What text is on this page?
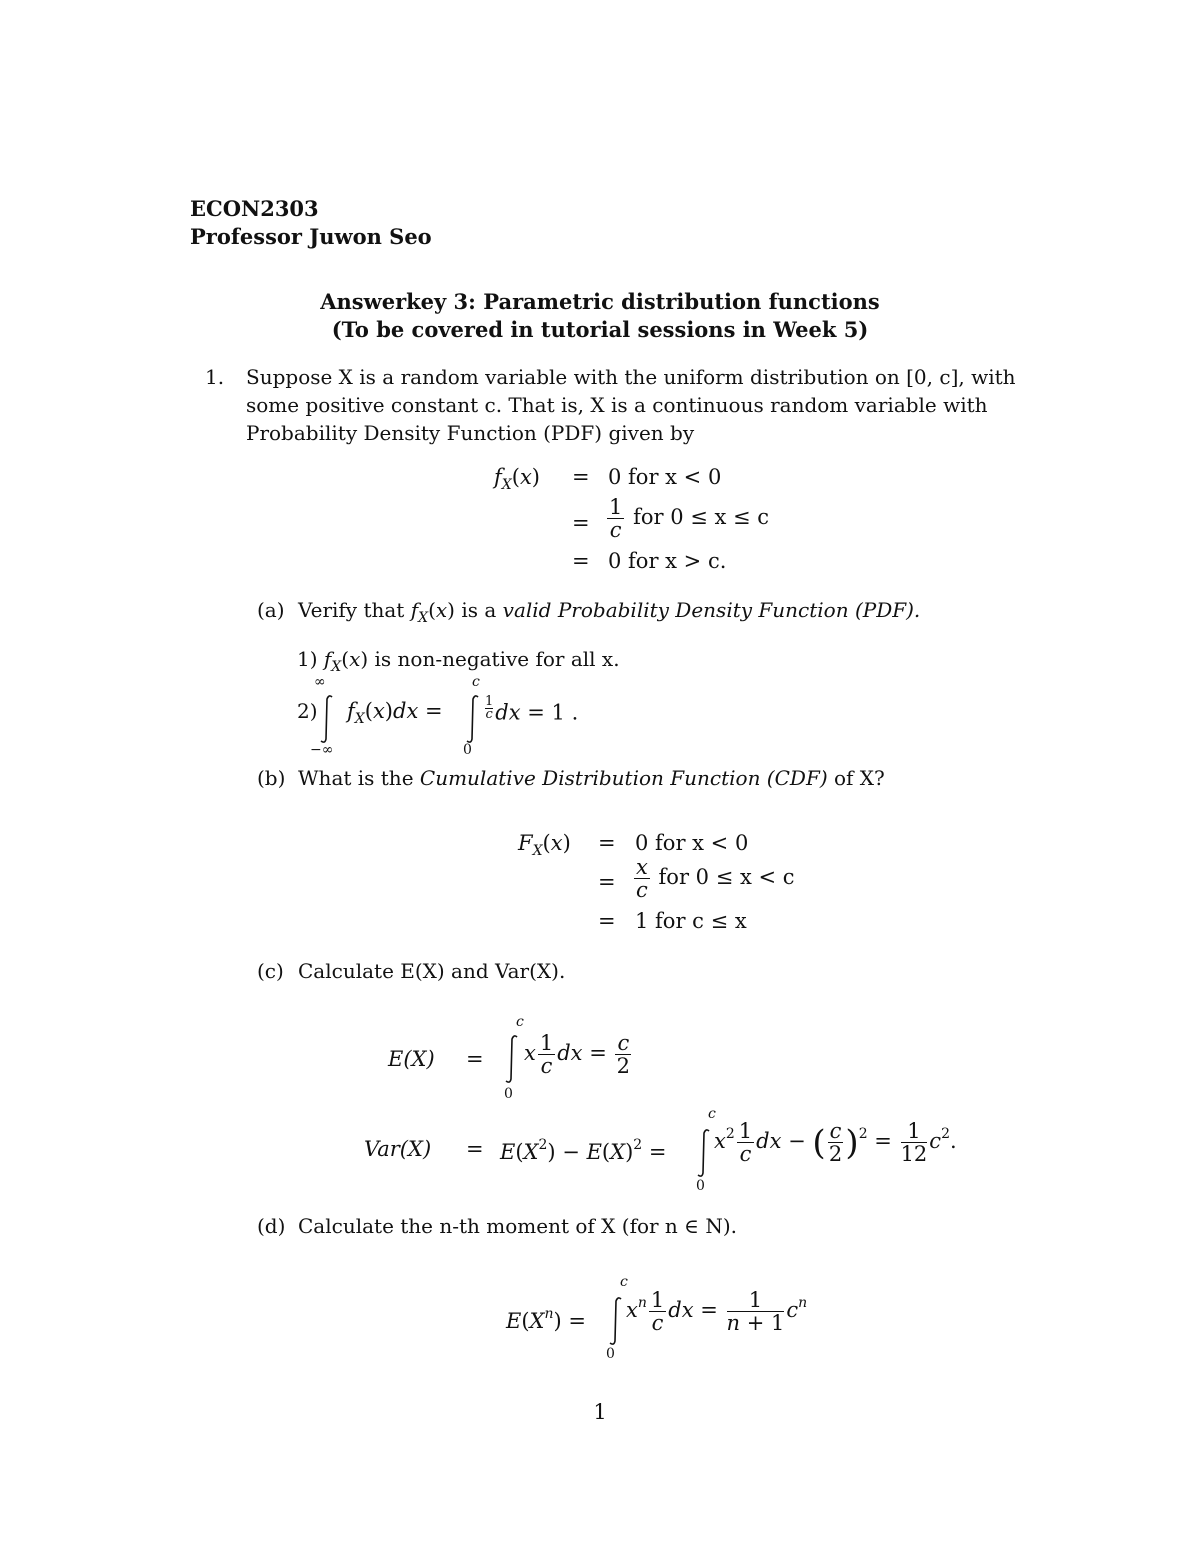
ECON2303
Professor Juwon Seo
Answerkey 3: Parametric distribution functions
(To be covered in tutorial sessions in Week 5)
1. Suppose X is a random variable with the uniform distribution on [0, c], with
some positive constant c. That is, X is a continuous random variable with
Probability Density Function (PDF) given by
$f_X(x) = 0$ for x < 0
= $\frac{1}{c}$ for 0 ≤ x ≤ c
= 0 for x > c.
(a) Verify that $f_X(x)$ is a valid Probability Density Function (PDF).
1) $f_X(x)$ is non-negative for all x.
2)
∞
−∞
$f_X(x)dx$ =
c
0
$\frac{1}{c}$ dx = 1 .
(b) What is the Cumulative Distribution Function (CDF) of X?
$F_X(x) = 0$ for x < 0
= $\frac{x}{c}$ for 0 ≤ x < c
= 1 for c ≤ x
(c) Calculate E(X) and Var(X).
E(X) =
c
0
x $\frac{1}{c}$ dx = $\frac{c}{2}$
$Var(X) = E(X^2) - E(X)^2$ =
c
0
$x^2 \frac{1}{c}$ dx − ( $\frac{c}{2} )^2 = \frac{1}{12} c^2$.
(d) Calculate the n-th moment of X (for n ∈ N).
$E(X^n)$ =
c
0
$x^n \frac{1}{c}$ dx = $\frac{1}{n + 1} c^n$
1
